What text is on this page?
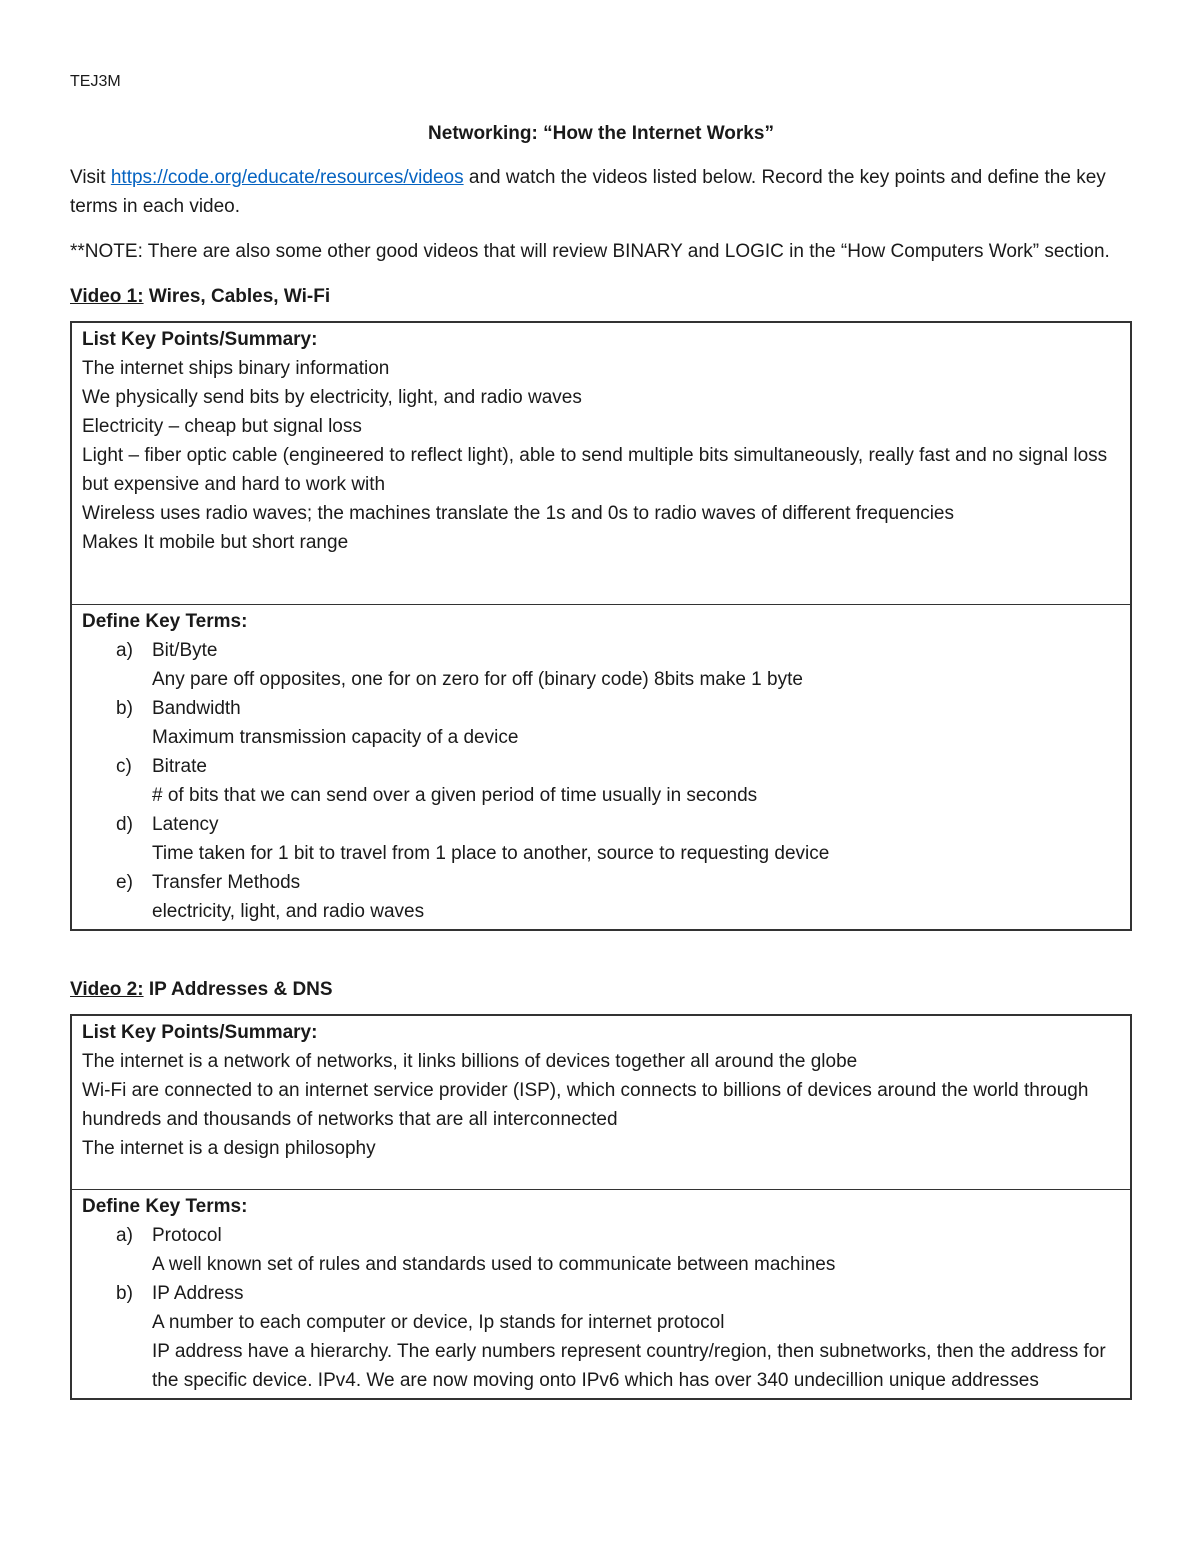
TEJ3M

Networking: “How the Internet Works”

Visit https://code.org/educate/resources/videos and watch the videos listed below. Record the key points and define the key terms in each video.

**NOTE: There are also some other good videos that will review BINARY and LOGIC in the “How Computers Work” section.

Video 1: Wires, Cables, Wi-Fi
List Key Points/Summary:
The internet ships binary information
We physically send bits by electricity, light, and radio waves
Electricity – cheap but signal loss
Light – fiber optic cable (engineered to reflect light), able to send multiple bits simultaneously, really fast and no signal loss but expensive and hard to work with
Wireless uses radio waves; the machines translate the 1s and 0s to radio waves of different frequencies
Makes It mobile but short range
Define Key Terms:
a) Bit/Byte
Any pare off opposites, one for on zero for off (binary code) 8bits make 1 byte
b) Bandwidth
Maximum transmission capacity of a device
c) Bitrate
# of bits that we can send over a given period of time usually in seconds
d) Latency
Time taken for 1 bit to travel from 1 place to another, source to requesting device
e) Transfer Methods
electricity, light, and radio waves
Video 2: IP Addresses & DNS
List Key Points/Summary:
The internet is a network of networks, it links billions of devices together all around the globe
Wi-Fi are connected to an internet service provider (ISP), which connects to billions of devices around the world through hundreds and thousands of networks that are all interconnected
The internet is a design philosophy
Define Key Terms:
a) Protocol
A well known set of rules and standards used to communicate between machines
b) IP Address
A number to each computer or device, Ip stands for internet protocol
IP address have a hierarchy. The early numbers represent country/region, then subnetworks, then the address for the specific device. IPv4. We are now moving onto IPv6 which has over 340 undecillion unique addresses
